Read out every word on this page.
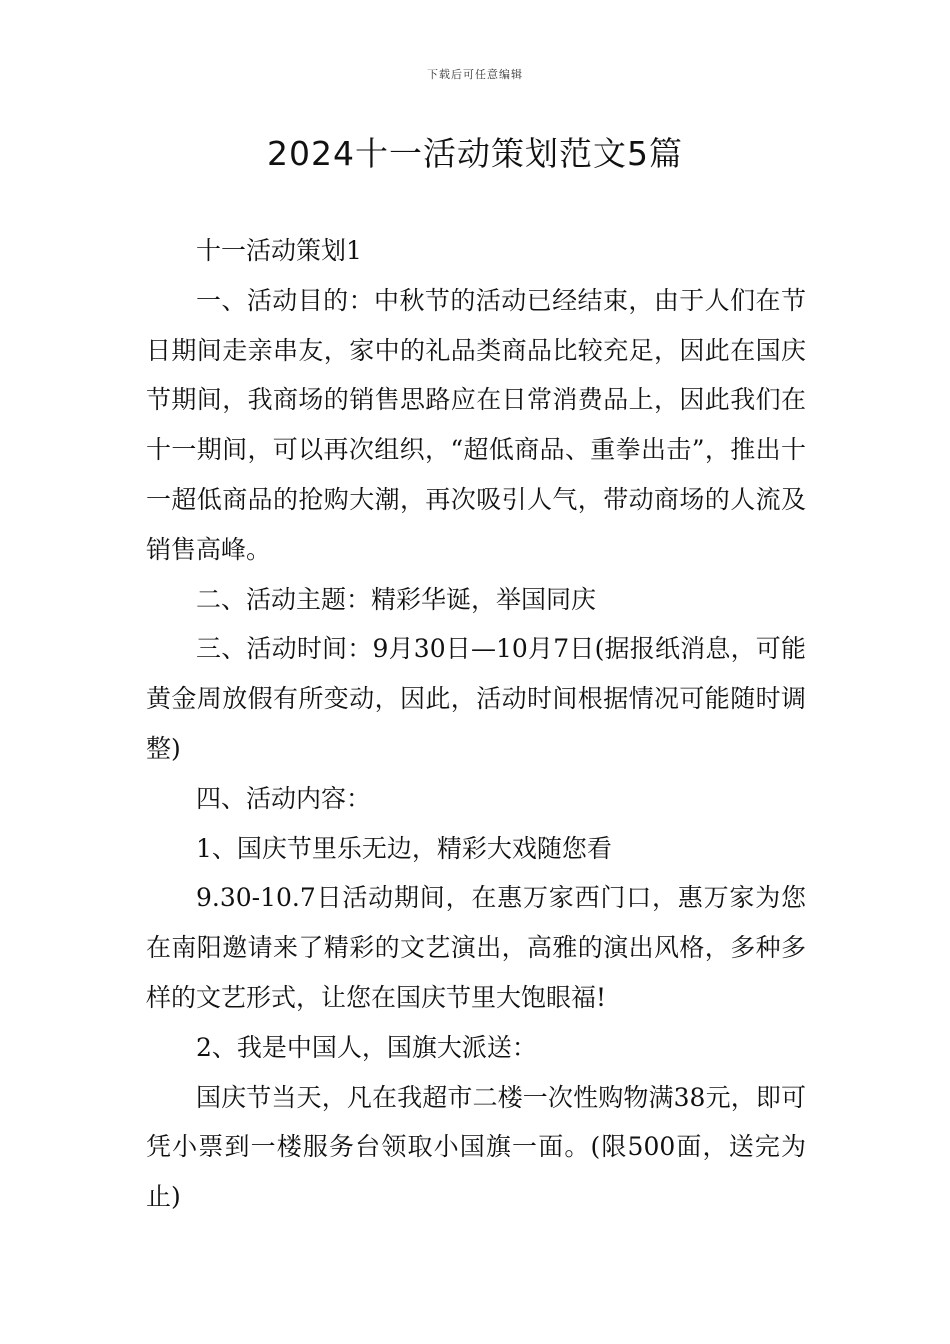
下载后可任意编辑
2024十一活动策划范文5篇

十一活动策划1

一、活动目的：中秋节的活动已经结束，由于人们在节日期间走亲串友，家中的礼品类商品比较充足，因此在国庆节期间，我商场的销售思路应在日常消费品上，因此我们在十一期间，可以再次组织，“超低商品、重拳出击”，推出十一超低商品的抢购大潮，再次吸引人气，带动商场的人流及销售高峰。

二、活动主题：精彩华诞，举国同庆

三、活动时间：9月30日—10月7日(据报纸消息，可能黄金周放假有所变动，因此，活动时间根据情况可能随时调整)

四、活动内容：

1、国庆节里乐无边，精彩大戏随您看

9.30-10.7日活动期间，在惠万家西门口，惠万家为您在南阳邀请来了精彩的文艺演出，高雅的演出风格，多种多样的文艺形式，让您在国庆节里大饱眼福!

2、我是中国人，国旗大派送：

国庆节当天，凡在我超市二楼一次性购物满38元，即可凭小票到一楼服务台领取小国旗一面。(限500面，送完为止)
